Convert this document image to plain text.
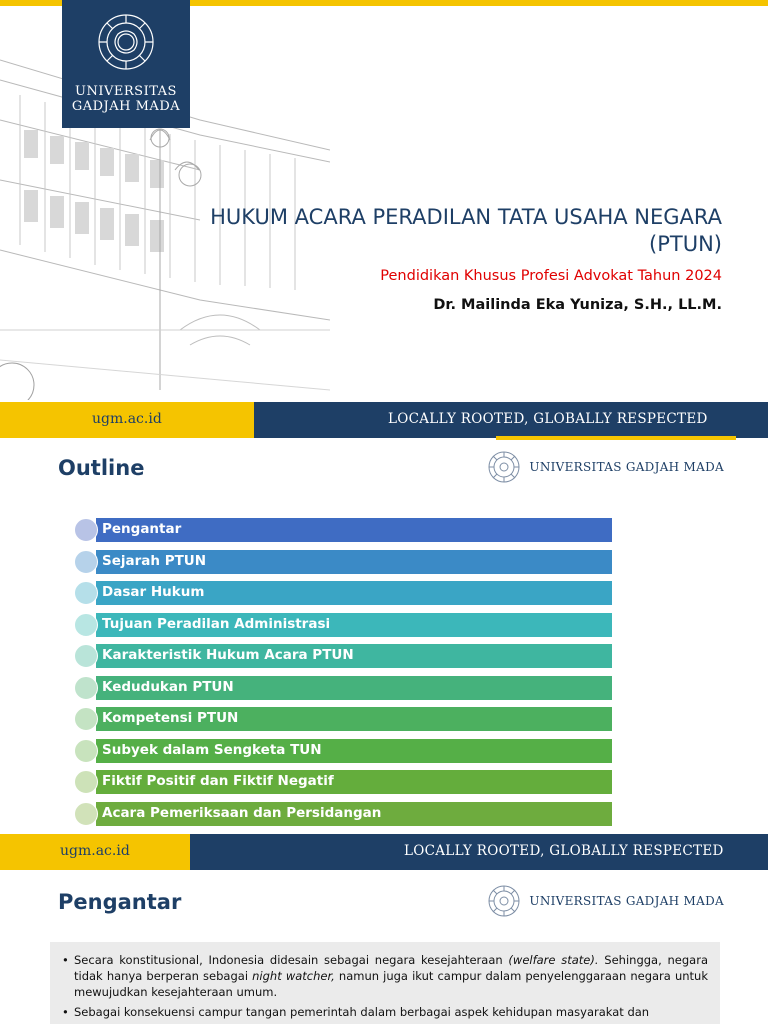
UNIVERSITAS
GADJAH MADA
HUKUM ACARA PERADILAN TATA USAHA NEGARA
(PTUN)
Pendidikan Khusus Profesi Advokat Tahun 2024
Dr. Mailinda Eka Yuniza, S.H., LL.M.
ugm.ac.id	LOCALLY ROOTED, GLOBALLY RESPECTED
Outline	UNIVERSITAS GADJAH MADA
Pengantar
Sejarah PTUN
Dasar Hukum
Tujuan Peradilan Administrasi
Karakteristik Hukum Acara PTUN
Kedudukan PTUN
Kompetensi PTUN
Subyek dalam Sengketa TUN
Fiktif Positif dan Fiktif Negatif
Acara Pemeriksaan dan Persidangan
ugm.ac.id	LOCALLY ROOTED, GLOBALLY RESPECTED
Pengantar	UNIVERSITAS GADJAH MADA

• Secara konstitusional, Indonesia didesain sebagai negara kesejahteraan (welfare state). Sehingga, negara tidak hanya berperan sebagai night watcher, namun juga ikut campur dalam penyelenggaraan negara untuk mewujudkan kesejahteraan umum.

• Sebagai konsekuensi campur tangan pemerintah dalam berbagai aspek kehidupan masyarakat dan
